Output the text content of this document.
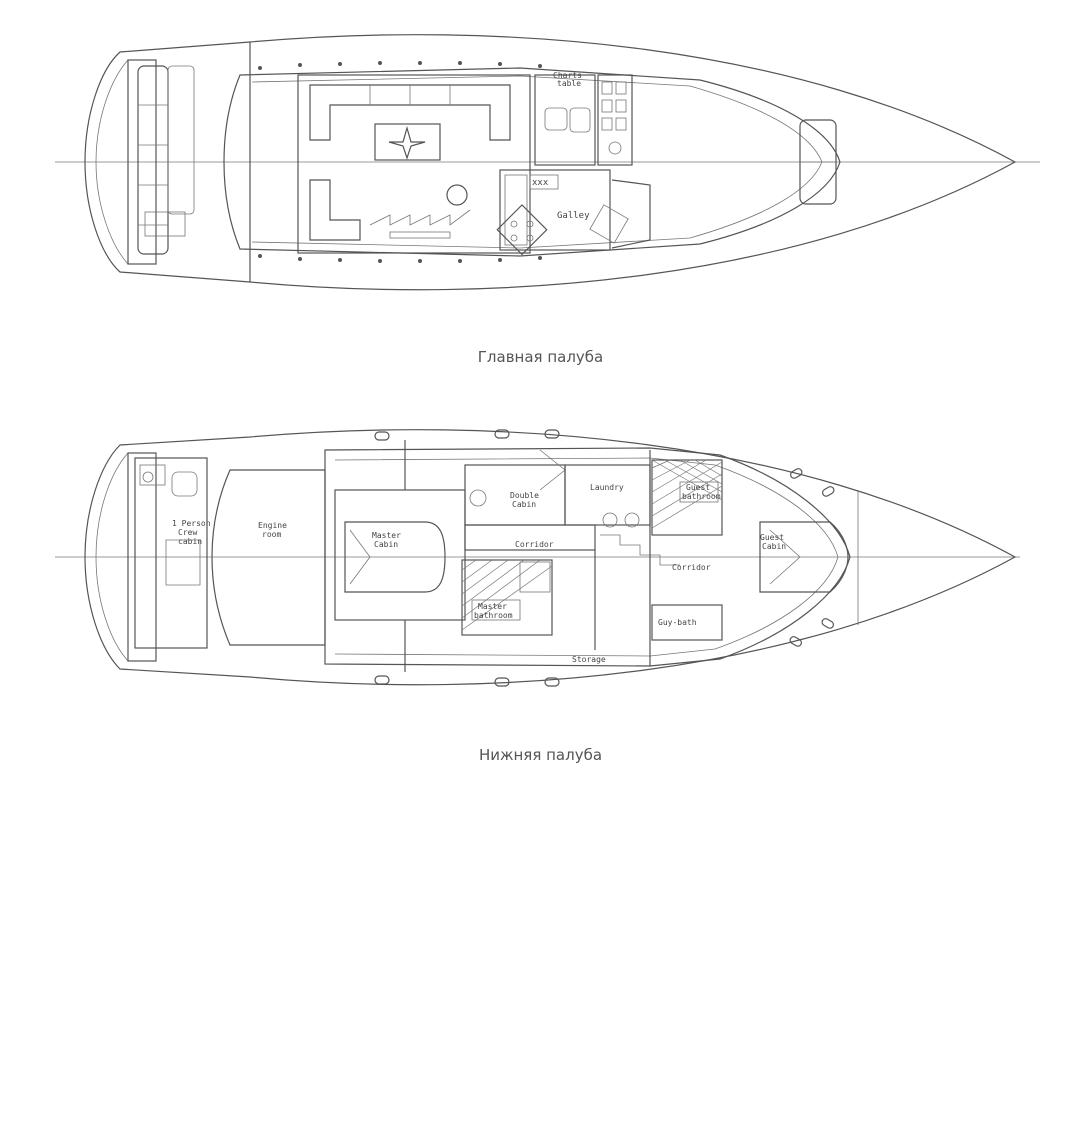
xxx
Galley
Charts
table
Главная палуба
1 Person
Crew
cabin
Engine
room	Master
Cabin
Double
Cabin
Laundry	Guest
bathroom
Corridor
Corridor
Master
bathroom
Guy-bath
Storage
Guest
Cabin
Нижняя палуба
